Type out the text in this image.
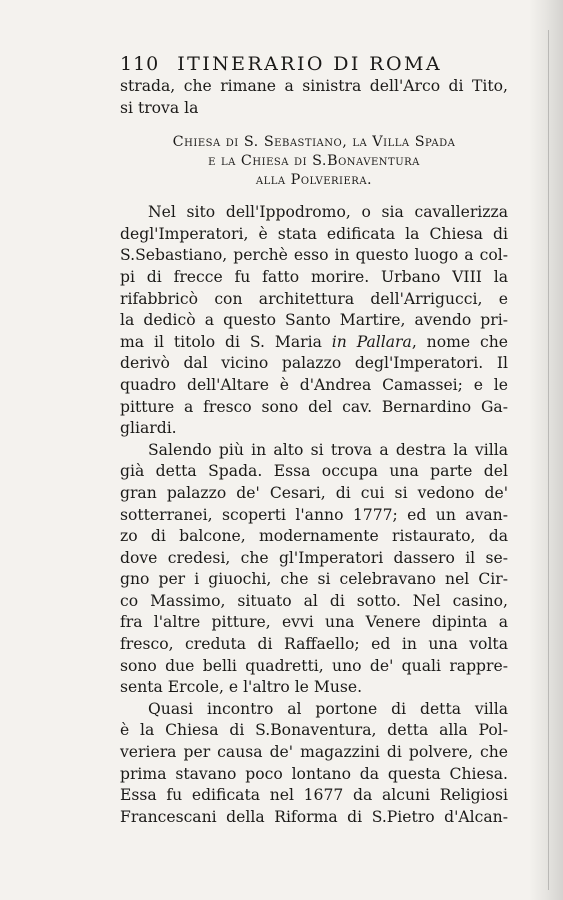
110 ITINERARIO DI ROMA
strada, che rimane a sinistra dell'Arco di Tito,
si trova la
Chiesa di S. Sebastiano, la Villa Spada
e la Chiesa di S.Bonaventura
alla Polveriera.
Nel sito dell'Ippodromo, o sia cavallerizza
degl'Imperatori, è stata edificata la Chiesa di
S.Sebastiano, perchè esso in questo luogo a col-
pi di frecce fu fatto morire. Urbano VIII la
rifabbricò con architettura dell'Arrigucci, e
la dedicò a questo Santo Martire, avendo pri-
ma il titolo di S. Maria in Pallara, nome che
derivò dal vicino palazzo degl'Imperatori. Il
quadro dell'Altare è d'Andrea Camassei; e le
pitture a fresco sono del cav. Bernardino Ga-
gliardi.
Salendo più in alto si trova a destra la villa
già detta Spada. Essa occupa una parte del
gran palazzo de' Cesari, di cui si vedono de'
sotterranei, scoperti l'anno 1777; ed un avan-
zo di balcone, modernamente ristaurato, da
dove credesi, che gl'Imperatori dassero il se-
gno per i giuochi, che si celebravano nel Cir-
co Massimo, situato al di sotto. Nel casino,
fra l'altre pitture, evvi una Venere dipinta a
fresco, creduta di Raffaello; ed in una volta
sono due belli quadretti, uno de' quali rappre-
senta Ercole, e l'altro le Muse.
Quasi incontro al portone di detta villa
è la Chiesa di S.Bonaventura, detta alla Pol-
veriera per causa de' magazzini di polvere, che
prima stavano poco lontano da questa Chiesa.
Essa fu edificata nel 1677 da alcuni Religiosi
Francescani della Riforma di S.Pietro d'Alcan-
